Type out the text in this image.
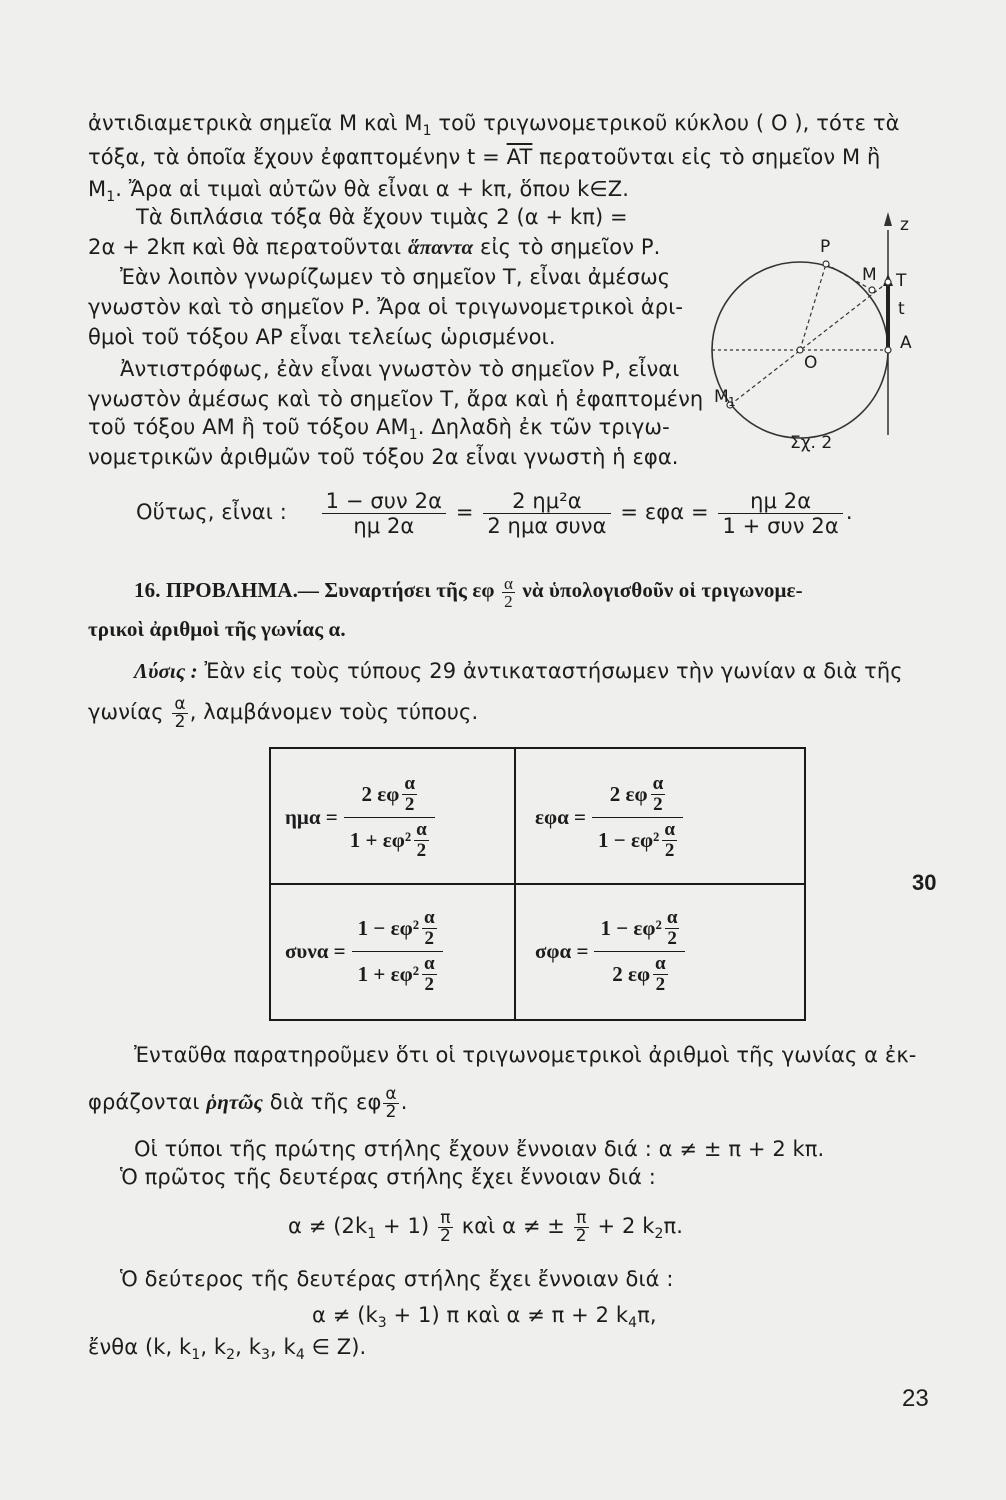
ἀντιδιαμετρικὰ σημεῖα Μ καὶ $M_1$ τοῦ τριγωνομετρικοῦ κύκλου ( Ο ), τότε τὰ
τόξα, τὰ ὁποῖα ἔχουν ἐφαπτομένην $t = \overline{AT}$ περατοῦνται εἰς τὸ σημεῖον Μ ἢ
$M_1$. Ἄρα αἱ τιμαὶ αὐτῶν θὰ εἶναι α + kπ, ὅπου k∈Z.
Τὰ διπλάσια τόξα θὰ ἔχουν τιμὰς 2 (α + kπ) =
2α + 2kπ καὶ θὰ περατοῦνται ἅπαντα εἰς τὸ σημεῖον Ρ.
Ἐὰν λοιπὸν γνωρίζωμεν τὸ σημεῖον Τ, εἶναι ἀμέσως
γνωστὸν καὶ τὸ σημεῖον Ρ. Ἄρα οἱ τριγωνομετρικοὶ ἀρι-
θμοὶ τοῦ τόξου ΑΡ εἶναι τελείως ὡρισμένοι.
Ἀντιστρόφως, ἐὰν εἶναι γνωστὸν τὸ σημεῖον Ρ, εἶναι
γνωστὸν ἀμέσως καὶ τὸ σημεῖον Τ, ἄρα καὶ ἡ ἐφαπτομένη
τοῦ τόξου ΑΜ ἢ τοῦ τόξου $AM_1$. Δηλαδὴ ἐκ τῶν τριγω-
νομετρικῶν ἀριθμῶν τοῦ τόξου 2α εἶναι γνωστὴ ἡ εφα.
P
M T
t
A
O
z
M 1
Σχ. 2
Οὕτως, εἶναι : $\frac{\text{1 − συν 2α}}{\eta\mu 2\alpha} = \frac{\text{2 ημ²α}}{\text{2 ημα συνα}} = \varepsilon\varphi\alpha = \frac{\eta\mu 2\alpha}{\text{1 + συν 2α}}$ .
16. ΠΡΟΒΛΗΜΑ.— Συναρτήσει τῆς εφ $\frac{\alpha}{2}$ νὰ ὑπολογισθοῦν οἱ τριγωνομε-
τρικοὶ ἀριθμοὶ τῆς γωνίας α.
Λύσις : Ἐὰν εἰς τοὺς τύπους 29 ἀντικαταστήσωμεν τὴν γωνίαν α διὰ τῆς
γωνίας $\frac{\alpha}{2}$ , λαμβάνομεν τοὺς τύπους.
ημα =
2 εφ α
2
1 + εφ² α
2
εφα =
2 εφ α
2
1 − εφ² α
2
συνα = 1 − εφ² α
2
1 + εφ² α
2	σφα =
1 − εφ² α
2
2 εφ α
2
30
Ἐνταῦθα παρατηροῦμεν ὅτι οἱ τριγωνομετρικοὶ ἀριθμοὶ τῆς γωνίας α ἐκ-
φράζονται ῥητῶς διὰ τῆς εφ $\frac{\alpha}{2}$ .
Οἱ τύποι τῆς πρώτης στήλης ἔχουν ἔννοιαν διά : α ≠ ± π + 2 kπ.
Ὁ πρῶτος τῆς δευτέρας στήλης ἔχει ἔννοιαν διά :
$\alpha \ne (2k_1 + 1) \frac{\pi}{2}$ καὶ α ≠ ± $\frac{\pi}{2} + 2$ $k_2\pi$.
Ὁ δεύτερος τῆς δευτέρας στήλης ἔχει ἔννοιαν διά :
$\alpha \ne (k_3 + 1)$ π καὶ α ≠ π + 2 $k_4\pi$,
ἔνθα (k, $k_1$, $k_2$, $k_3$, $k_4$ ∈ Z).
23
